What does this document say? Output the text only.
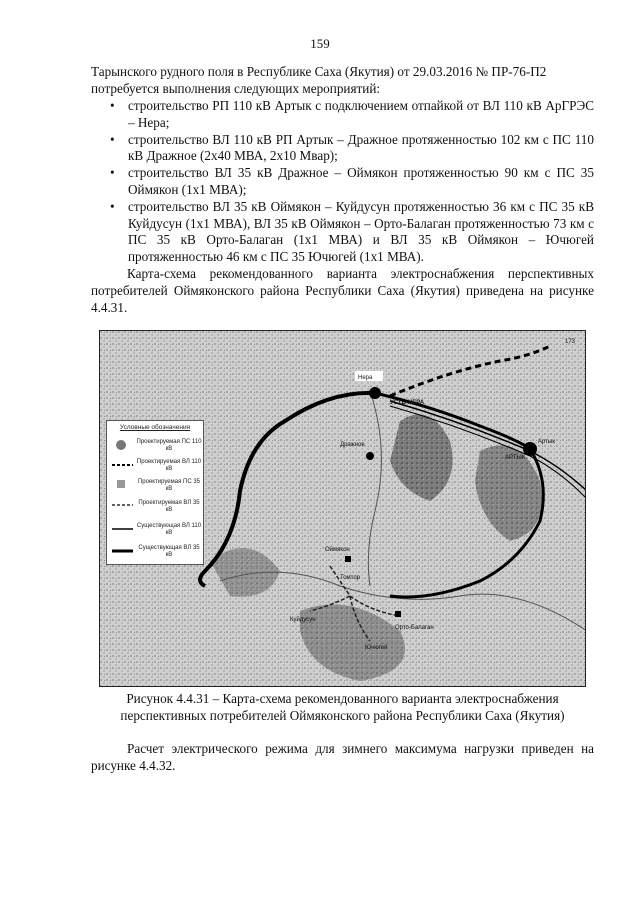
159
Тарынского рудного поля в Республике Саха (Якутия) от 29.03.2016 № ПР-76-П2
потребуется выполнения следующих мероприятий:
• строительство РП 110 кВ Артык с подключением отпайкой от ВЛ 110 кВ АрГРЭС – Нера;
• строительство ВЛ 110 кВ РП Артык – Дражное протяженностью 102 км с ПС 110 кВ Дражное (2х40 МВА, 2х10 Мвар);
• строительство ВЛ 35 кВ Дражное – Оймякон протяженностью 90 км с ПС 35 Оймякон (1х1 МВА);
• строительство ВЛ 35 кВ Оймякон – Куйдусун протяженностью 36 км с ПС 35 кВ Куйдусун (1х1 МВА), ВЛ 35 кВ Оймякон – Орто-Балаган протяженностью 73 км с ПС 35 кВ Орто-Балаган (1х1 МВА) и ВЛ 35 кВ Оймякон – Ючюгей протяженностью 46 км с ПС 35 Ючюгей (1х1 МВА).
Карта-схема рекомендованного варианта электроснабжения перспективных потребителей Оймяконского района Республики Саха (Якутия) приведена на рисунке 4.4.31.
Нера
УСТЬ-НЕРА
Артык
АРТЫК
Дражное
Оймякон
Томтор
Куйдусун
Орто-Балаган
Ючюгей
173
Условные обозначения
Проектируемая ПС 110 кВ
Проектируемая ВЛ 110 кВ
Проектируемая ПС 35 кВ
Проектируемая ВЛ 35 кВ
Существующая ВЛ 110 кВ
Существующая ВЛ 35 кВ
Рисунок 4.4.31 – Карта-схема рекомендованного варианта электроснабжения
перспективных потребителей Оймяконского района Республики Саха (Якутия)
Расчет электрического режима для зимнего максимума нагрузки приведен на рисунке 4.4.32.
